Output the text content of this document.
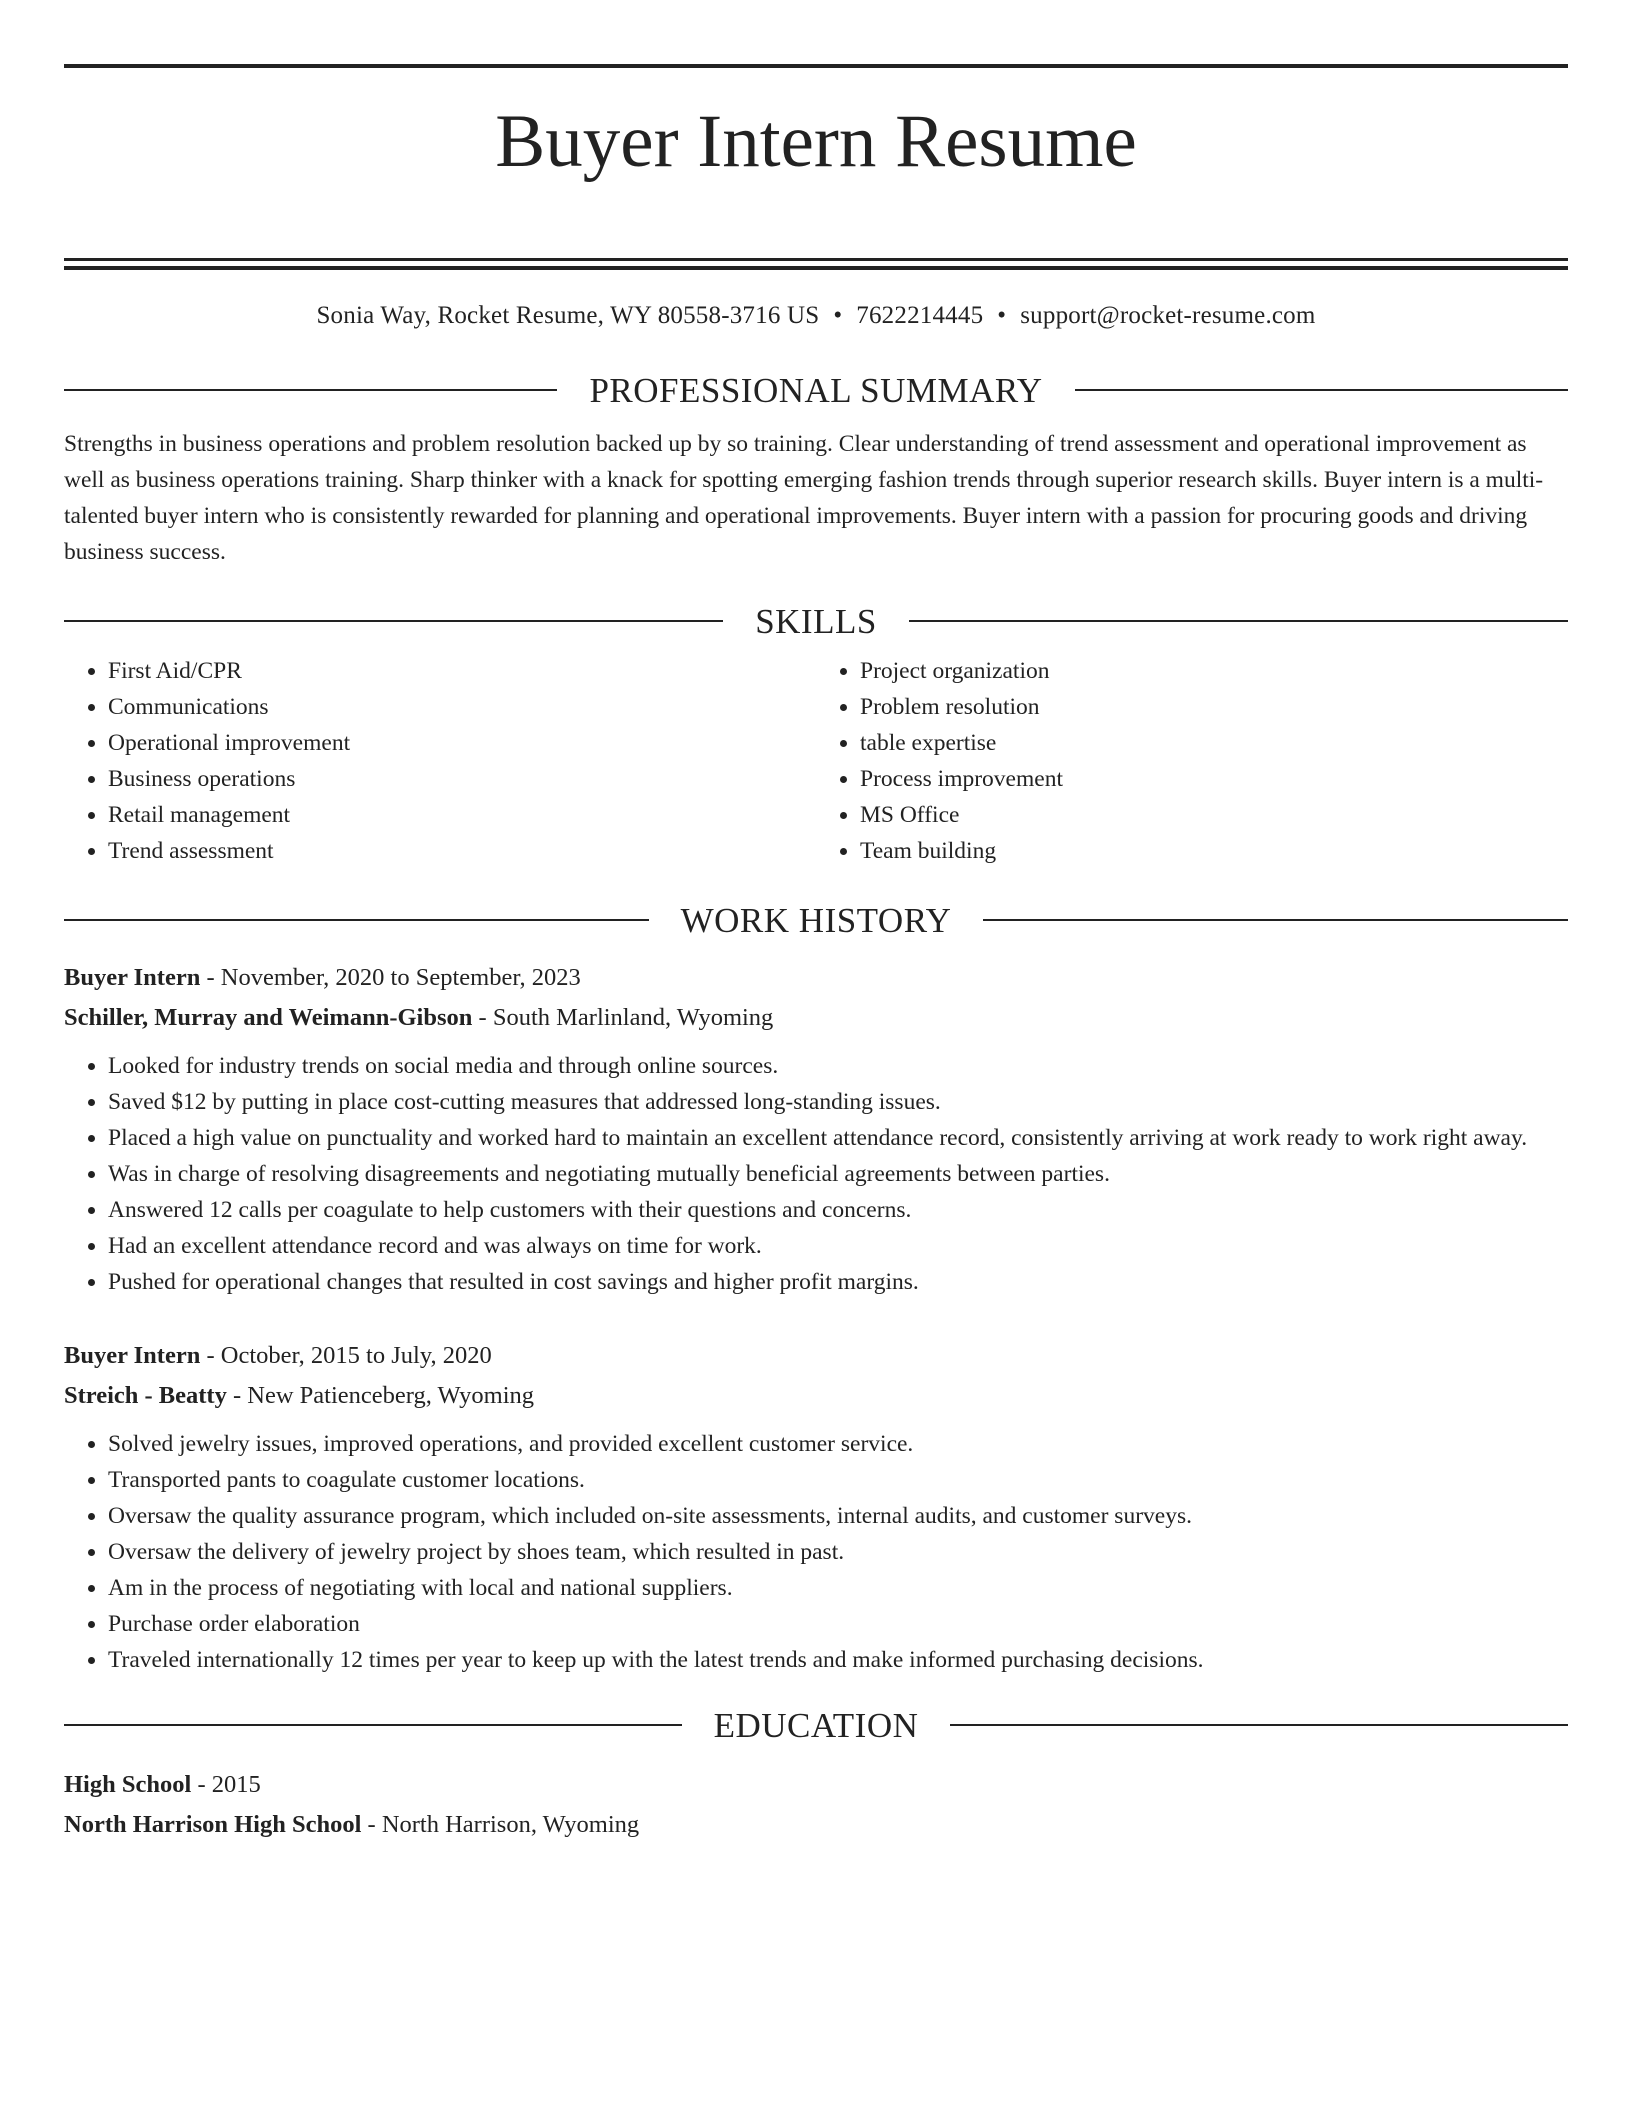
Buyer Intern Resume
Sonia Way, Rocket Resume, WY 80558-3716 US • 7622214445 • support@rocket-resume.com
PROFESSIONAL SUMMARY

Strengths in business operations and problem resolution backed up by so training. Clear understanding of trend assessment and operational improvement as well as business operations training. Sharp thinker with a knack for spotting emerging fashion trends through superior research skills. Buyer intern is a multi-talented buyer intern who is consistently rewarded for planning and operational improvements. Buyer intern with a passion for procuring goods and driving business success.

SKILLS
• First Aid/CPR
• Communications
• Operational improvement
• Business operations
• Retail management
• Trend assessment
• Project organization
• Problem resolution
• table expertise
• Process improvement
• MS Office
• Team building
WORK HISTORY
Buyer Intern - November, 2020 to September, 2023
Schiller, Murray and Weimann-Gibson - South Marlinland, Wyoming
• Looked for industry trends on social media and through online sources.
• Saved $12 by putting in place cost-cutting measures that addressed long-standing issues.
• Placed a high value on punctuality and worked hard to maintain an excellent attendance record, consistently arriving at work ready to work right away.
• Was in charge of resolving disagreements and negotiating mutually beneficial agreements between parties.
• Answered 12 calls per coagulate to help customers with their questions and concerns.
• Had an excellent attendance record and was always on time for work.
• Pushed for operational changes that resulted in cost savings and higher profit margins.
Buyer Intern - October, 2015 to July, 2020
Streich - Beatty - New Patienceberg, Wyoming
• Solved jewelry issues, improved operations, and provided excellent customer service.
• Transported pants to coagulate customer locations.
• Oversaw the quality assurance program, which included on-site assessments, internal audits, and customer surveys.
• Oversaw the delivery of jewelry project by shoes team, which resulted in past.
• Am in the process of negotiating with local and national suppliers.
• Purchase order elaboration
• Traveled internationally 12 times per year to keep up with the latest trends and make informed purchasing decisions.
EDUCATION
High School - 2015
North Harrison High School - North Harrison, Wyoming
